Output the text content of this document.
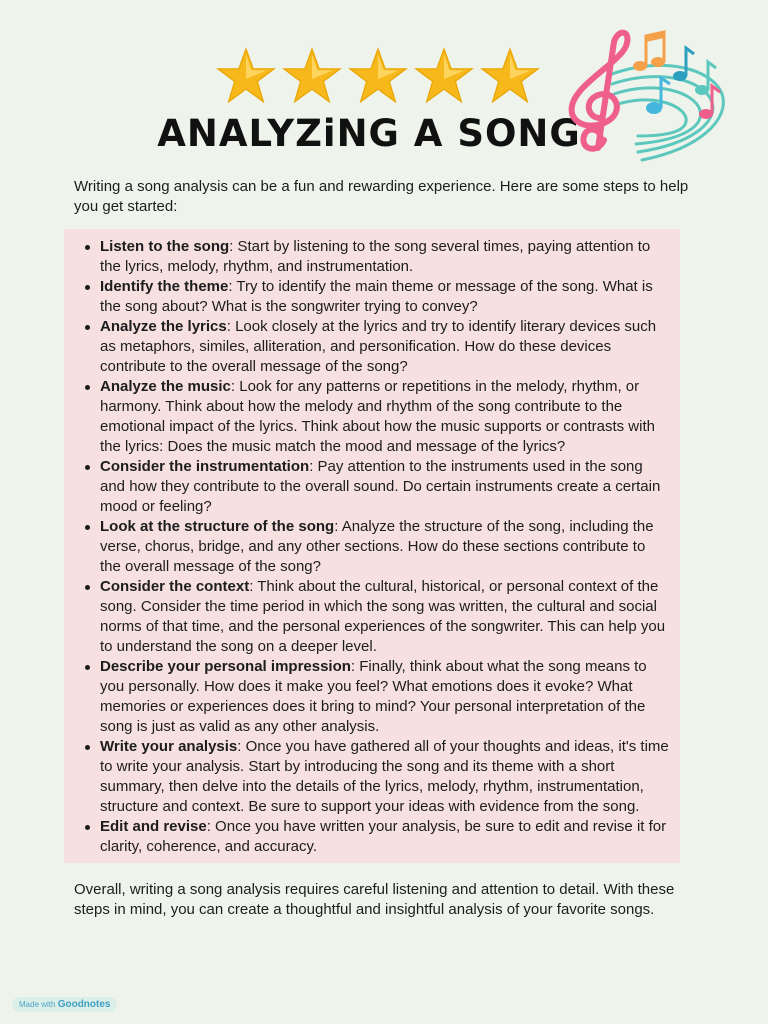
ANALYZiNG A SONG

Writing a song analysis can be a fun and rewarding experience. Here are some steps to help you get started:

Listen to the song: Start by listening to the song several times, paying attention to the lyrics, melody, rhythm, and instrumentation.
Identify the theme: Try to identify the main theme or message of the song. What is the song about? What is the songwriter trying to convey?
Analyze the lyrics: Look closely at the lyrics and try to identify literary devices such as metaphors, similes, alliteration, and personification. How do these devices contribute to the overall message of the song?
Analyze the music: Look for any patterns or repetitions in the melody, rhythm, or harmony. Think about how the melody and rhythm of the song contribute to the emotional impact of the lyrics. Think about how the music supports or contrasts with the lyrics: Does the music match the mood and message of the lyrics?
Consider the instrumentation: Pay attention to the instruments used in the song and how they contribute to the overall sound. Do certain instruments create a certain mood or feeling?
Look at the structure of the song: Analyze the structure of the song, including the verse, chorus, bridge, and any other sections. How do these sections contribute to the overall message of the song?
Consider the context: Think about the cultural, historical, or personal context of the song. Consider the time period in which the song was written, the cultural and social norms of that time, and the personal experiences of the songwriter. This can help you to understand the song on a deeper level.
Describe your personal impression: Finally, think about what the song means to you personally. How does it make you feel? What emotions does it evoke? What memories or experiences does it bring to mind? Your personal interpretation of the song is just as valid as any other analysis.
Write your analysis: Once you have gathered all of your thoughts and ideas, it's time to write your analysis. Start by introducing the song and its theme with a short summary, then delve into the details of the lyrics, melody, rhythm, instrumentation, structure and context. Be sure to support your ideas with evidence from the song.
Edit and revise: Once you have written your analysis, be sure to edit and revise it for clarity, coherence, and accuracy.

Overall, writing a song analysis requires careful listening and attention to detail. With these steps in mind, you can create a thoughtful and insightful analysis of your favorite songs.

Made with Goodnotes
